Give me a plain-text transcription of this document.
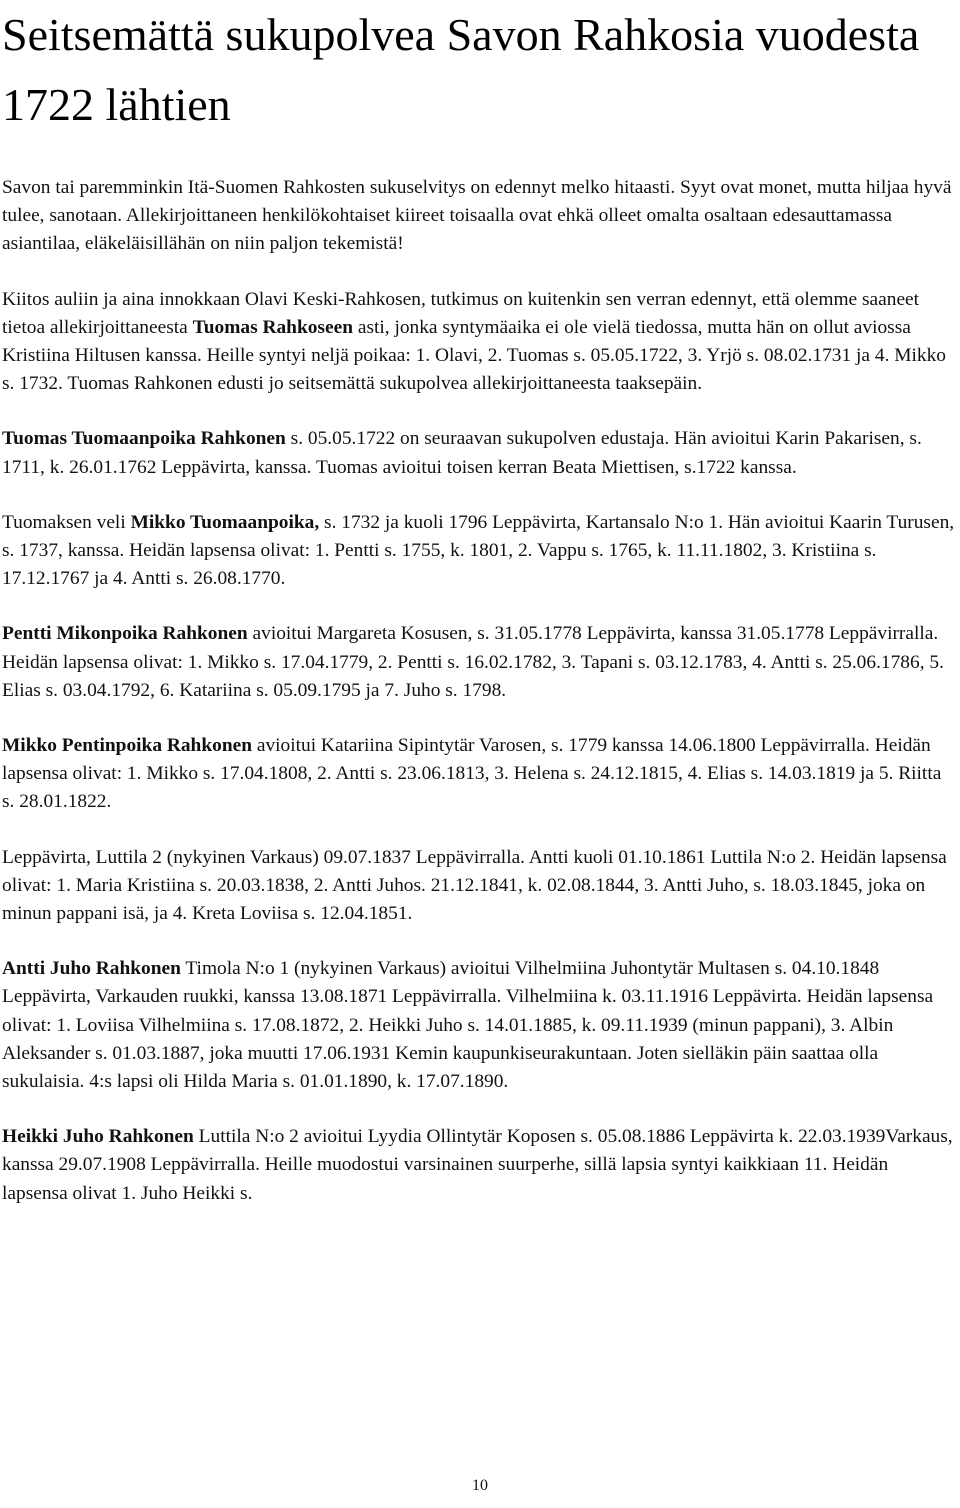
Seitsemättä sukupolvea Savon Rahkosia vuodesta 1722 lähtien

Savon tai paremminkin Itä-Suomen Rahkosten sukuselvitys on edennyt melko hitaasti. Syyt ovat monet, mutta hiljaa hyvä tulee, sanotaan. Allekirjoittaneen henkilökohtaiset kiireet toisaalla ovat ehkä olleet omalta osaltaan edesauttamassa asiantilaa, eläkeläisillähän on niin paljon tekemistä!

Kiitos auliin ja aina innokkaan Olavi Keski-Rahkosen, tutkimus on kuitenkin sen verran edennyt, että olemme saaneet tietoa allekirjoittaneesta Tuomas Rahkoseen asti, jonka syntymäaika ei ole vielä tiedossa, mutta hän on ollut aviossa Kristiina Hiltusen kanssa. Heille syntyi neljä poikaa: 1. Olavi, 2. Tuomas s. 05.05.1722, 3. Yrjö s. 08.02.1731 ja 4. Mikko s. 1732. Tuomas Rahkonen edusti jo seitsemättä sukupolvea allekirjoittaneesta taaksepäin.

Tuomas Tuomaanpoika Rahkonen s. 05.05.1722 on seuraavan sukupolven edustaja. Hän avioitui Karin Pakarisen, s. 1711, k. 26.01.1762 Leppävirta, kanssa. Tuomas avioitui toisen kerran Beata Miettisen, s.1722 kanssa.

Tuomaksen veli Mikko Tuomaanpoika, s. 1732 ja kuoli 1796 Leppävirta, Kartansalo N:o 1. Hän avioitui Kaarin Turusen, s. 1737, kanssa. Heidän lapsensa olivat: 1. Pentti s. 1755, k. 1801, 2. Vappu s. 1765, k. 11.11.1802, 3. Kristiina s. 17.12.1767 ja 4. Antti s. 26.08.1770.

Pentti Mikonpoika Rahkonen avioitui Margareta Kosusen, s. 31.05.1778 Leppävirta, kanssa 31.05.1778 Leppävirralla. Heidän lapsensa olivat: 1. Mikko s. 17.04.1779, 2. Pentti s. 16.02.1782, 3. Tapani s. 03.12.1783, 4. Antti s. 25.06.1786, 5. Elias s. 03.04.1792, 6. Katariina s. 05.09.1795 ja 7. Juho s. 1798.

Mikko Pentinpoika Rahkonen avioitui Katariina Sipintytär Varosen, s. 1779 kanssa 14.06.1800 Leppävirralla. Heidän lapsensa olivat: 1. Mikko s. 17.04.1808, 2. Antti s. 23.06.1813, 3. Helena s. 24.12.1815, 4. Elias s. 14.03.1819 ja 5. Riitta s. 28.01.1822.

Leppävirta, Luttila 2 (nykyinen Varkaus) 09.07.1837 Leppävirralla. Antti kuoli 01.10.1861 Luttila N:o 2. Heidän lapsensa olivat: 1. Maria Kristiina s. 20.03.1838, 2. Antti Juhos. 21.12.1841, k. 02.08.1844, 3. Antti Juho, s. 18.03.1845, joka on minun pappani isä, ja 4. Kreta Loviisa s. 12.04.1851.

Antti Juho Rahkonen Timola N:o 1 (nykyinen Varkaus) avioitui Vilhelmiina Juhontytär Multasen s. 04.10.1848 Leppävirta, Varkauden ruukki, kanssa 13.08.1871 Leppävirralla. Vilhelmiina k. 03.11.1916 Leppävirta. Heidän lapsensa olivat: 1. Loviisa Vilhelmiina s. 17.08.1872, 2. Heikki Juho s. 14.01.1885, k. 09.11.1939 (minun pappani), 3. Albin Aleksander s. 01.03.1887, joka muutti 17.06.1931 Kemin kaupunkiseurakuntaan. Joten sielläkin päin saattaa olla sukulaisia. 4:s lapsi oli Hilda Maria s. 01.01.1890, k. 17.07.1890.

Heikki Juho Rahkonen Luttila N:o 2 avioitui Lyydia Ollintytär Koposen s. 05.08.1886 Leppävirta k. 22.03.1939Varkaus, kanssa 29.07.1908 Leppävirralla. Heille muodostui varsinainen suurperhe, sillä lapsia syntyi kaikkiaan 11. Heidän lapsensa olivat 1. Juho Heikki s.

10
